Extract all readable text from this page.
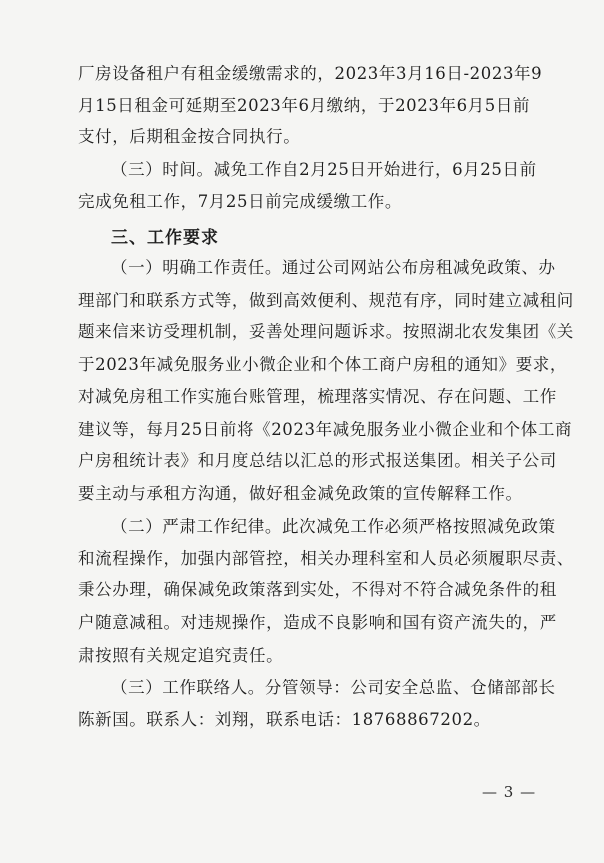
厂房设备租户有租金缓缴需求的，2023年3月16日-2023年9
月15日租金可延期至2023年6月缴纳，于2023年6月5日前
支付，后期租金按合同执行。
（三）时间。减免工作自2月25日开始进行，6月25日前
完成免租工作，7月25日前完成缓缴工作。
三、工作要求
（一）明确工作责任。通过公司网站公布房租减免政策、办
理部门和联系方式等，做到高效便利、规范有序，同时建立减租问
题来信来访受理机制，妥善处理问题诉求。按照湖北农发集团《关
于2023年减免服务业小微企业和个体工商户房租的通知》要求，
对减免房租工作实施台账管理，梳理落实情况、存在问题、工作
建议等，每月25日前将《2023年减免服务业小微企业和个体工商
户房租统计表》和月度总结以汇总的形式报送集团。相关子公司
要主动与承租方沟通，做好租金减免政策的宣传解释工作。
（二）严肃工作纪律。此次减免工作必须严格按照减免政策
和流程操作，加强内部管控，相关办理科室和人员必须履职尽责、
秉公办理，确保减免政策落到实处，不得对不符合减免条件的租
户随意减租。对违规操作，造成不良影响和国有资产流失的，严
肃按照有关规定追究责任。
（三）工作联络人。分管领导：公司安全总监、仓储部部长
陈新国。联系人：刘翔，联系电话：18768867202。
— 3 —
